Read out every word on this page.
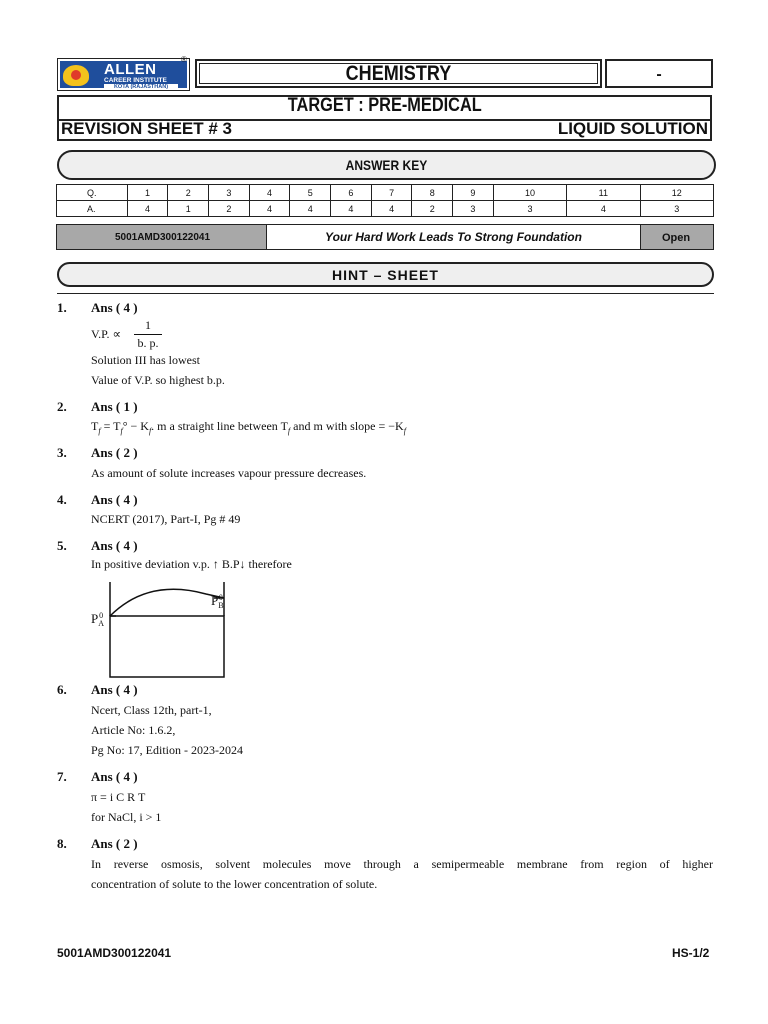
ALLEN
CAREER INSTITUTE
KOTA (RAJASTHAN)
®
CHEMISTRY	-
TARGET : PRE-MEDICAL
REVISION SHEET # 3	LIQUID SOLUTION
ANSWER KEY
Q.	1	2	3	4	5	6	7	8	9	10	11	12
A.	4	1	2	4	4	4	4	2	3	3	4	3
5001AMD300122041	Your Hard Work Leads To Strong Foundation	Open
HINT – SHEET
1. Ans ( 4 )
V.P. ∝
1
b. p.
Solution III has lowest
Value of V.P. so highest b.p.
2. Ans ( 1 )
$T_f = T_f^\circ - K_f$. m a straight line between $T_f$ and m with slope = $-K_f$
3. Ans ( 2 )
As amount of solute increases vapour pressure decreases.
4. Ans ( 4 )
NCERT (2017), Part-I, Pg # 49
5. Ans ( 4 )
In positive deviation v.p. ↑ B.P↓ therefore
P 0
A
P 0
B
6. Ans ( 4 )
Ncert, Class 12th, part-1,
Article No: 1.6.2,
Pg No: 17, Edition - 2023-2024
7. Ans ( 4 )
π = i C R T
for NaCl, i > 1
8. Ans ( 2 )
In reverse osmosis, solvent molecules move through a semipermeable membrane from region of higher
concentration of solute to the lower concentration of solute.
5001AMD300122041	HS-1/2
